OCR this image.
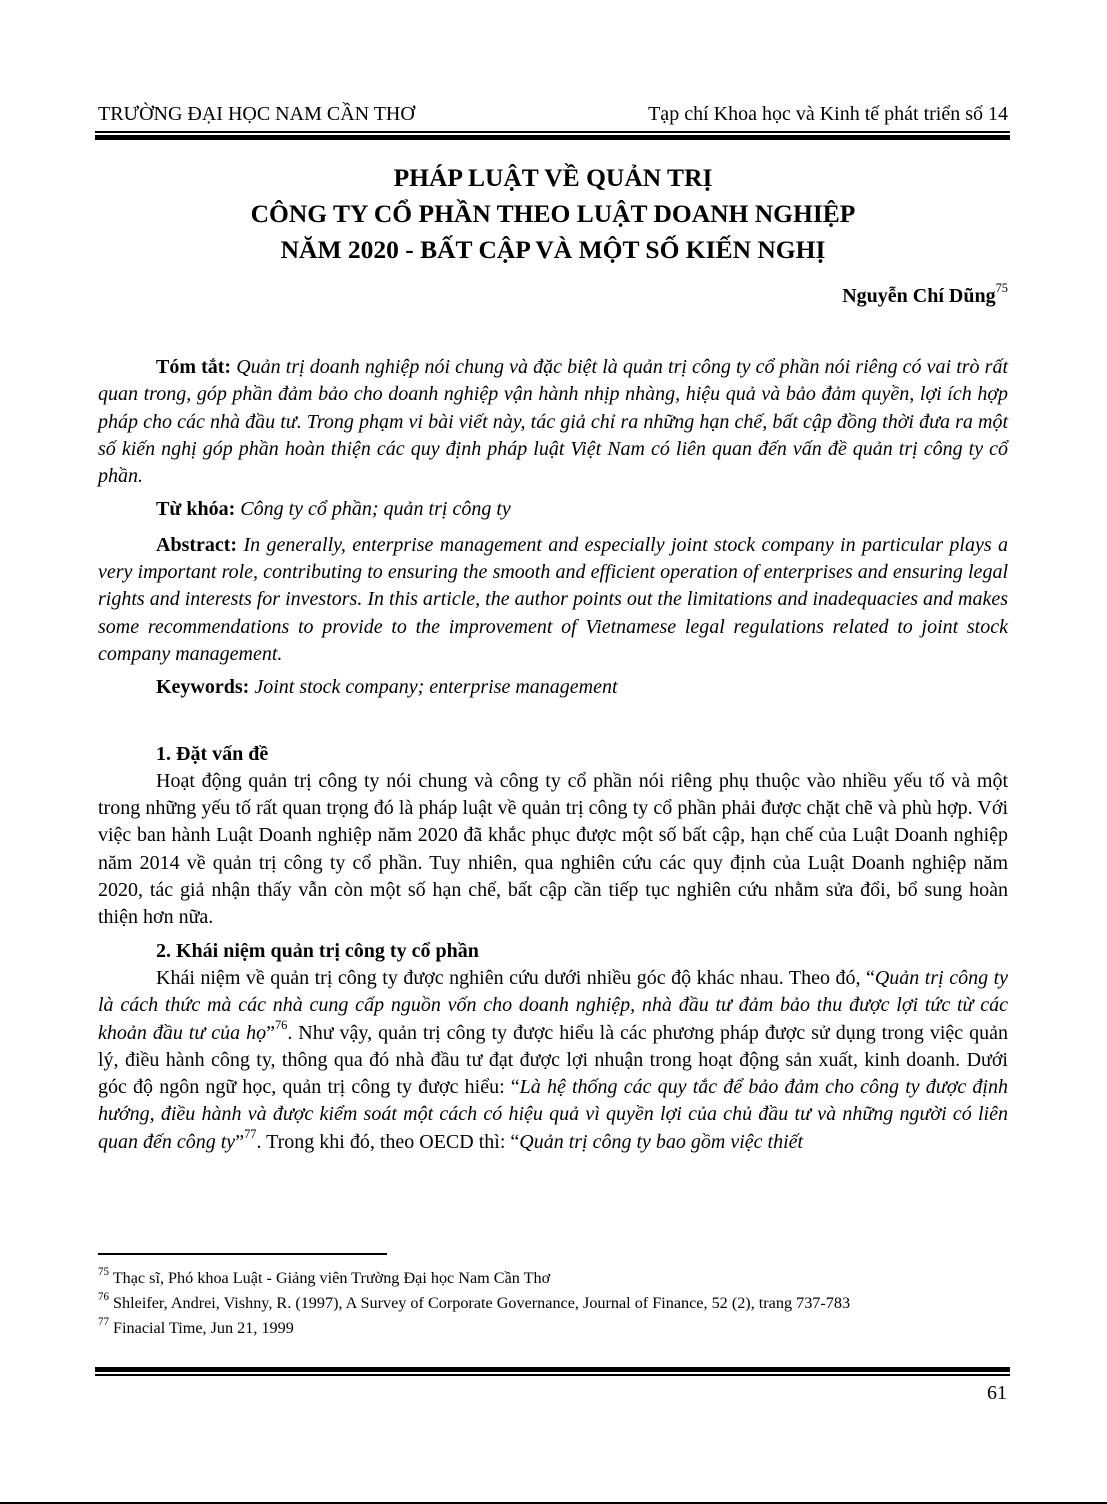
TRƯỜNG ĐẠI HỌC NAM CẦN THƠ	Tạp chí Khoa học và Kinh tế phát triển số 14
PHÁP LUẬT VỀ QUẢN TRỊ
CÔNG TY CỔ PHẦN THEO LUẬT DOANH NGHIỆP
NĂM 2020 - BẤT CẬP VÀ MỘT SỐ KIẾN NGHỊ
Nguyễn Chí Dũng$^{75}$

Tóm tắt: Quản trị doanh nghiệp nói chung và đặc biệt là quản trị công ty cổ phần nói riêng có vai trò rất quan trong, góp phần đảm bảo cho doanh nghiệp vận hành nhịp nhàng, hiệu quả và bảo đảm quyền, lợi ích hợp pháp cho các nhà đầu tư. Trong phạm vi bài viết này, tác giả chỉ ra những hạn chế, bất cập đồng thời đưa ra một số kiến nghị góp phần hoàn thiện các quy định pháp luật Việt Nam có liên quan đến vấn đề quản trị công ty cổ phần.

Từ khóa: Công ty cổ phần; quản trị công ty

Abstract: In generally, enterprise management and especially joint stock company in particular plays a very important role, contributing to ensuring the smooth and efficient operation of enterprises and ensuring legal rights and interests for investors. In this article, the author points out the limitations and inadequacies and makes some recommendations to provide to the improvement of Vietnamese legal regulations related to joint stock company management.

Keywords: Joint stock company; enterprise management

1. Đặt vấn đề

Hoạt động quản trị công ty nói chung và công ty cổ phần nói riêng phụ thuộc vào nhiều yếu tố và một trong những yếu tố rất quan trọng đó là pháp luật về quản trị công ty cổ phần phải được chặt chẽ và phù hợp. Với việc ban hành Luật Doanh nghiệp năm 2020 đã khắc phục được một số bất cập, hạn chế của Luật Doanh nghiệp năm 2014 về quản trị công ty cổ phần. Tuy nhiên, qua nghiên cứu các quy định của Luật Doanh nghiệp năm 2020, tác giả nhận thấy vẫn còn một số hạn chế, bất cập cần tiếp tục nghiên cứu nhằm sửa đổi, bổ sung hoàn thiện hơn nữa.

2. Khái niệm quản trị công ty cổ phần

Khái niệm về quản trị công ty được nghiên cứu dưới nhiều góc độ khác nhau. Theo đó, “Quản trị công ty là cách thức mà các nhà cung cấp nguồn vốn cho doanh nghiệp, nhà đầu tư đảm bảo thu được lợi tức từ các khoản đầu tư của họ”$^{76}$. Như vậy, quản trị công ty được hiểu là các phương pháp được sử dụng trong việc quản lý, điều hành công ty, thông qua đó nhà đầu tư đạt được lợi nhuận trong hoạt động sản xuất, kinh doanh. Dưới góc độ ngôn ngữ học, quản trị công ty được hiểu: “Là hệ thống các quy tắc để bảo đảm cho công ty được định hướng, điều hành và được kiểm soát một cách có hiệu quả vì quyền lợi của chủ đầu tư và những người có liên quan đến công ty”$^{77}$. Trong khi đó, theo OECD thì: “Quản trị công ty bao gồm việc thiết

$^{75}$ Thạc sĩ, Phó khoa Luật - Giảng viên Trường Đại học Nam Cần Thơ
$^{76}$ Shleifer, Andrei, Vishny, R. (1997), A Survey of Corporate Governance, Journal of Finance, 52 (2), trang 737-783
$^{77}$ Finacial Time, Jun 21, 1999
61
